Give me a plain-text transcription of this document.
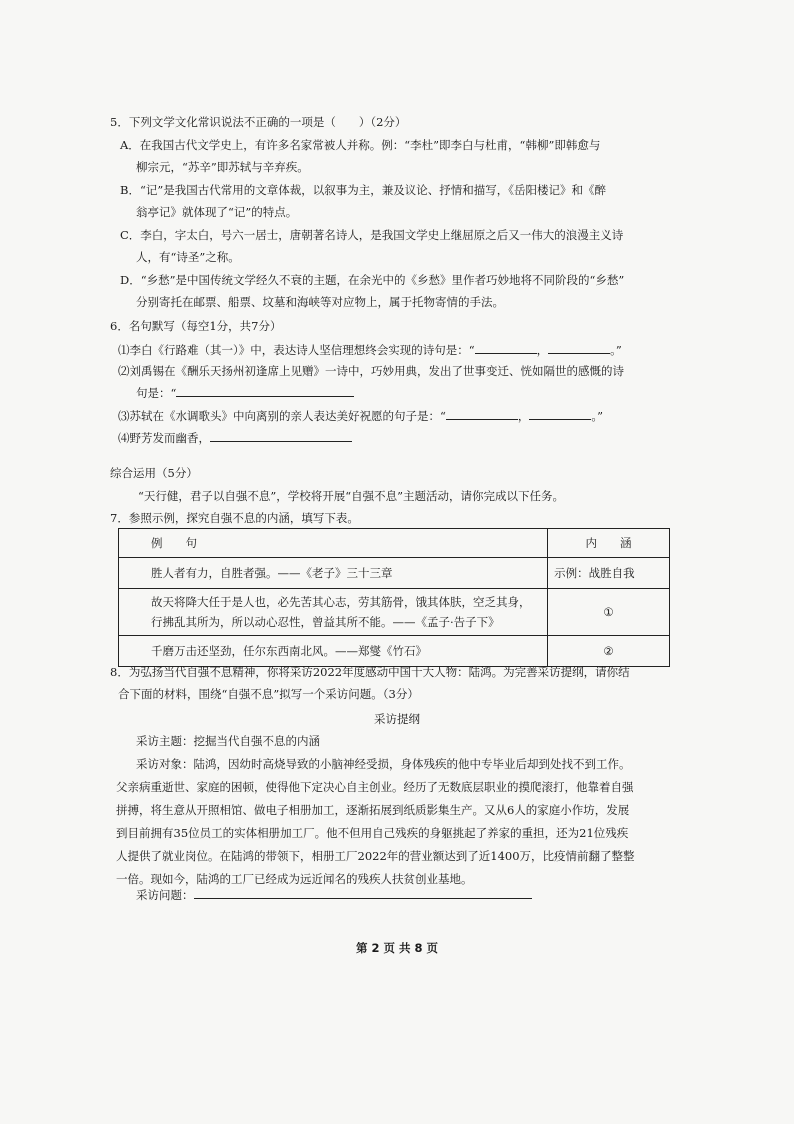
5．下列文学文化常识说法不正确的一项是（　　）（2分）
A．在我国古代文学史上，有许多名家常被人并称。例：“李杜”即李白与杜甫，“韩柳”即韩愈与
柳宗元，“苏辛”即苏轼与辛弃疾。
B．“记”是我国古代常用的文章体裁，以叙事为主，兼及议论、抒情和描写，《岳阳楼记》和《醉
翁亭记》就体现了“记”的特点。
C．李白，字太白，号六一居士，唐朝著名诗人，是我国文学史上继屈原之后又一伟大的浪漫主义诗
人，有“诗圣”之称。
D．“乡愁”是中国传统文学经久不衰的主题，在余光中的《乡愁》里作者巧妙地将不同阶段的“乡愁”
分别寄托在邮票、船票、坟墓和海峡等对应物上，属于托物寄情的手法。
6．名句默写（每空1分，共7分）
⑴李白《行路难（其一）》中，表达诗人坚信理想终会实现的诗句是：“	，	。”
⑵刘禹锡在《酬乐天扬州初逢席上见赠》一诗中，巧妙用典，发出了世事变迁、恍如隔世的感慨的诗
句是：“
⑶苏轼在《水调歌头》中向离别的亲人表达美好祝愿的句子是：“	，	。”
⑷野芳发而幽香，
综合运用（5分）
“天行健，君子以自强不息”，学校将开展“自强不息”主题活动，请你完成以下任务。
7．参照示例，探究自强不息的内涵，填写下表。
例　　句	内　　涵
胜人者有力，自胜者强。——《老子》三十三章	示例：战胜自我
故天将降大任于是人也，必先苦其心志，劳其筋骨，饿其体肤，空乏其身，行拂乱其所为，所以动心忍性，曾益其所不能。——《孟子·告子下》	①
千磨万击还坚劲，任尔东西南北风。——郑燮《竹石》	②
8．为弘扬当代自强不息精神，你将采访2022年度感动中国十大人物：陆鸿。为完善采访提纲，请你结
合下面的材料，围绕“自强不息”拟写一个采访问题。（3分）
采访提纲
采访主题：挖掘当代自强不息的内涵
采访对象：陆鸿，因幼时高烧导致的小脑神经受损，身体残疾的他中专毕业后却到处找不到工作。
父亲病重逝世、家庭的困顿，使得他下定决心自主创业。经历了无数底层职业的摸爬滚打，他靠着自强
拼搏，将生意从开照相馆、做电子相册加工，逐渐拓展到纸质影集生产。又从6人的家庭小作坊，发展
到目前拥有35位员工的实体相册加工厂。他不但用自己残疾的身躯挑起了养家的重担，还为21位残疾
人提供了就业岗位。在陆鸿的带领下，相册工厂2022年的营业额达到了近1400万，比疫情前翻了整整
一倍。现如今，陆鸿的工厂已经成为远近闻名的残疾人扶贫创业基地。
采访问题：
第 2 页 共 8 页
